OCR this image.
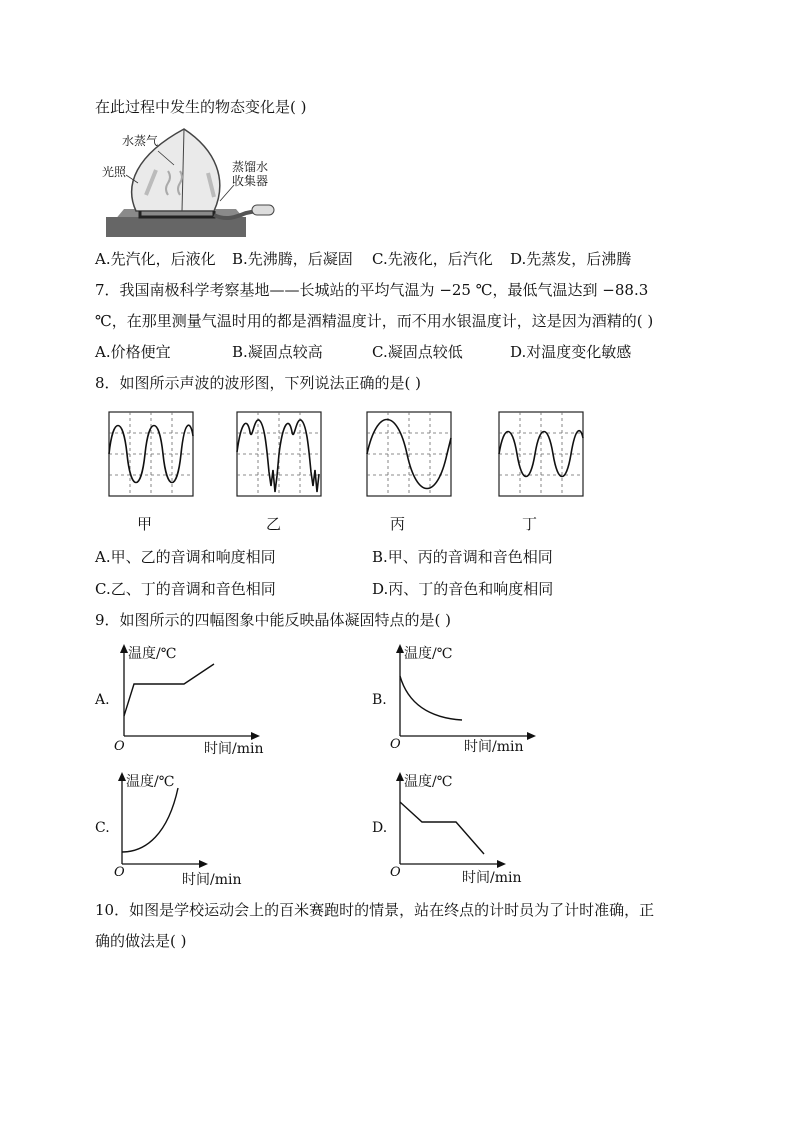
在此过程中发生的物态变化是( )
水蒸气
光照	蒸馏水
收集器
A.先汽化，后液化 B.先沸腾，后凝固 C.先液化，后汽化 D.先蒸发，后沸腾
7．我国南极科学考察基地——长城站的平均气温为 −25 ℃，最低气温达到 −88.3
℃，在那里测量气温时用的都是酒精温度计，而不用水银温度计，这是因为酒精的( )
A.价格便宜	B.凝固点较高	C.凝固点较低	D.对温度变化敏感
8．如图所示声波的波形图，下列说法正确的是( )
甲	乙	丙	丁
A.甲、乙的音调和响度相同	B.甲、丙的音调和音色相同
C.乙、丁的音调和音色相同	D.丙、丁的音色和响度相同
9．如图所示的四幅图象中能反映晶体凝固特点的是( )
A.
温度/℃
O	时间/min
B.
温度/℃
O	时间/min
C.
温度/℃
O	时间/min
D.
温度/℃
O	时间/min
10．如图是学校运动会上的百米赛跑时的情景，站在终点的计时员为了计时准确，正
确的做法是( )
